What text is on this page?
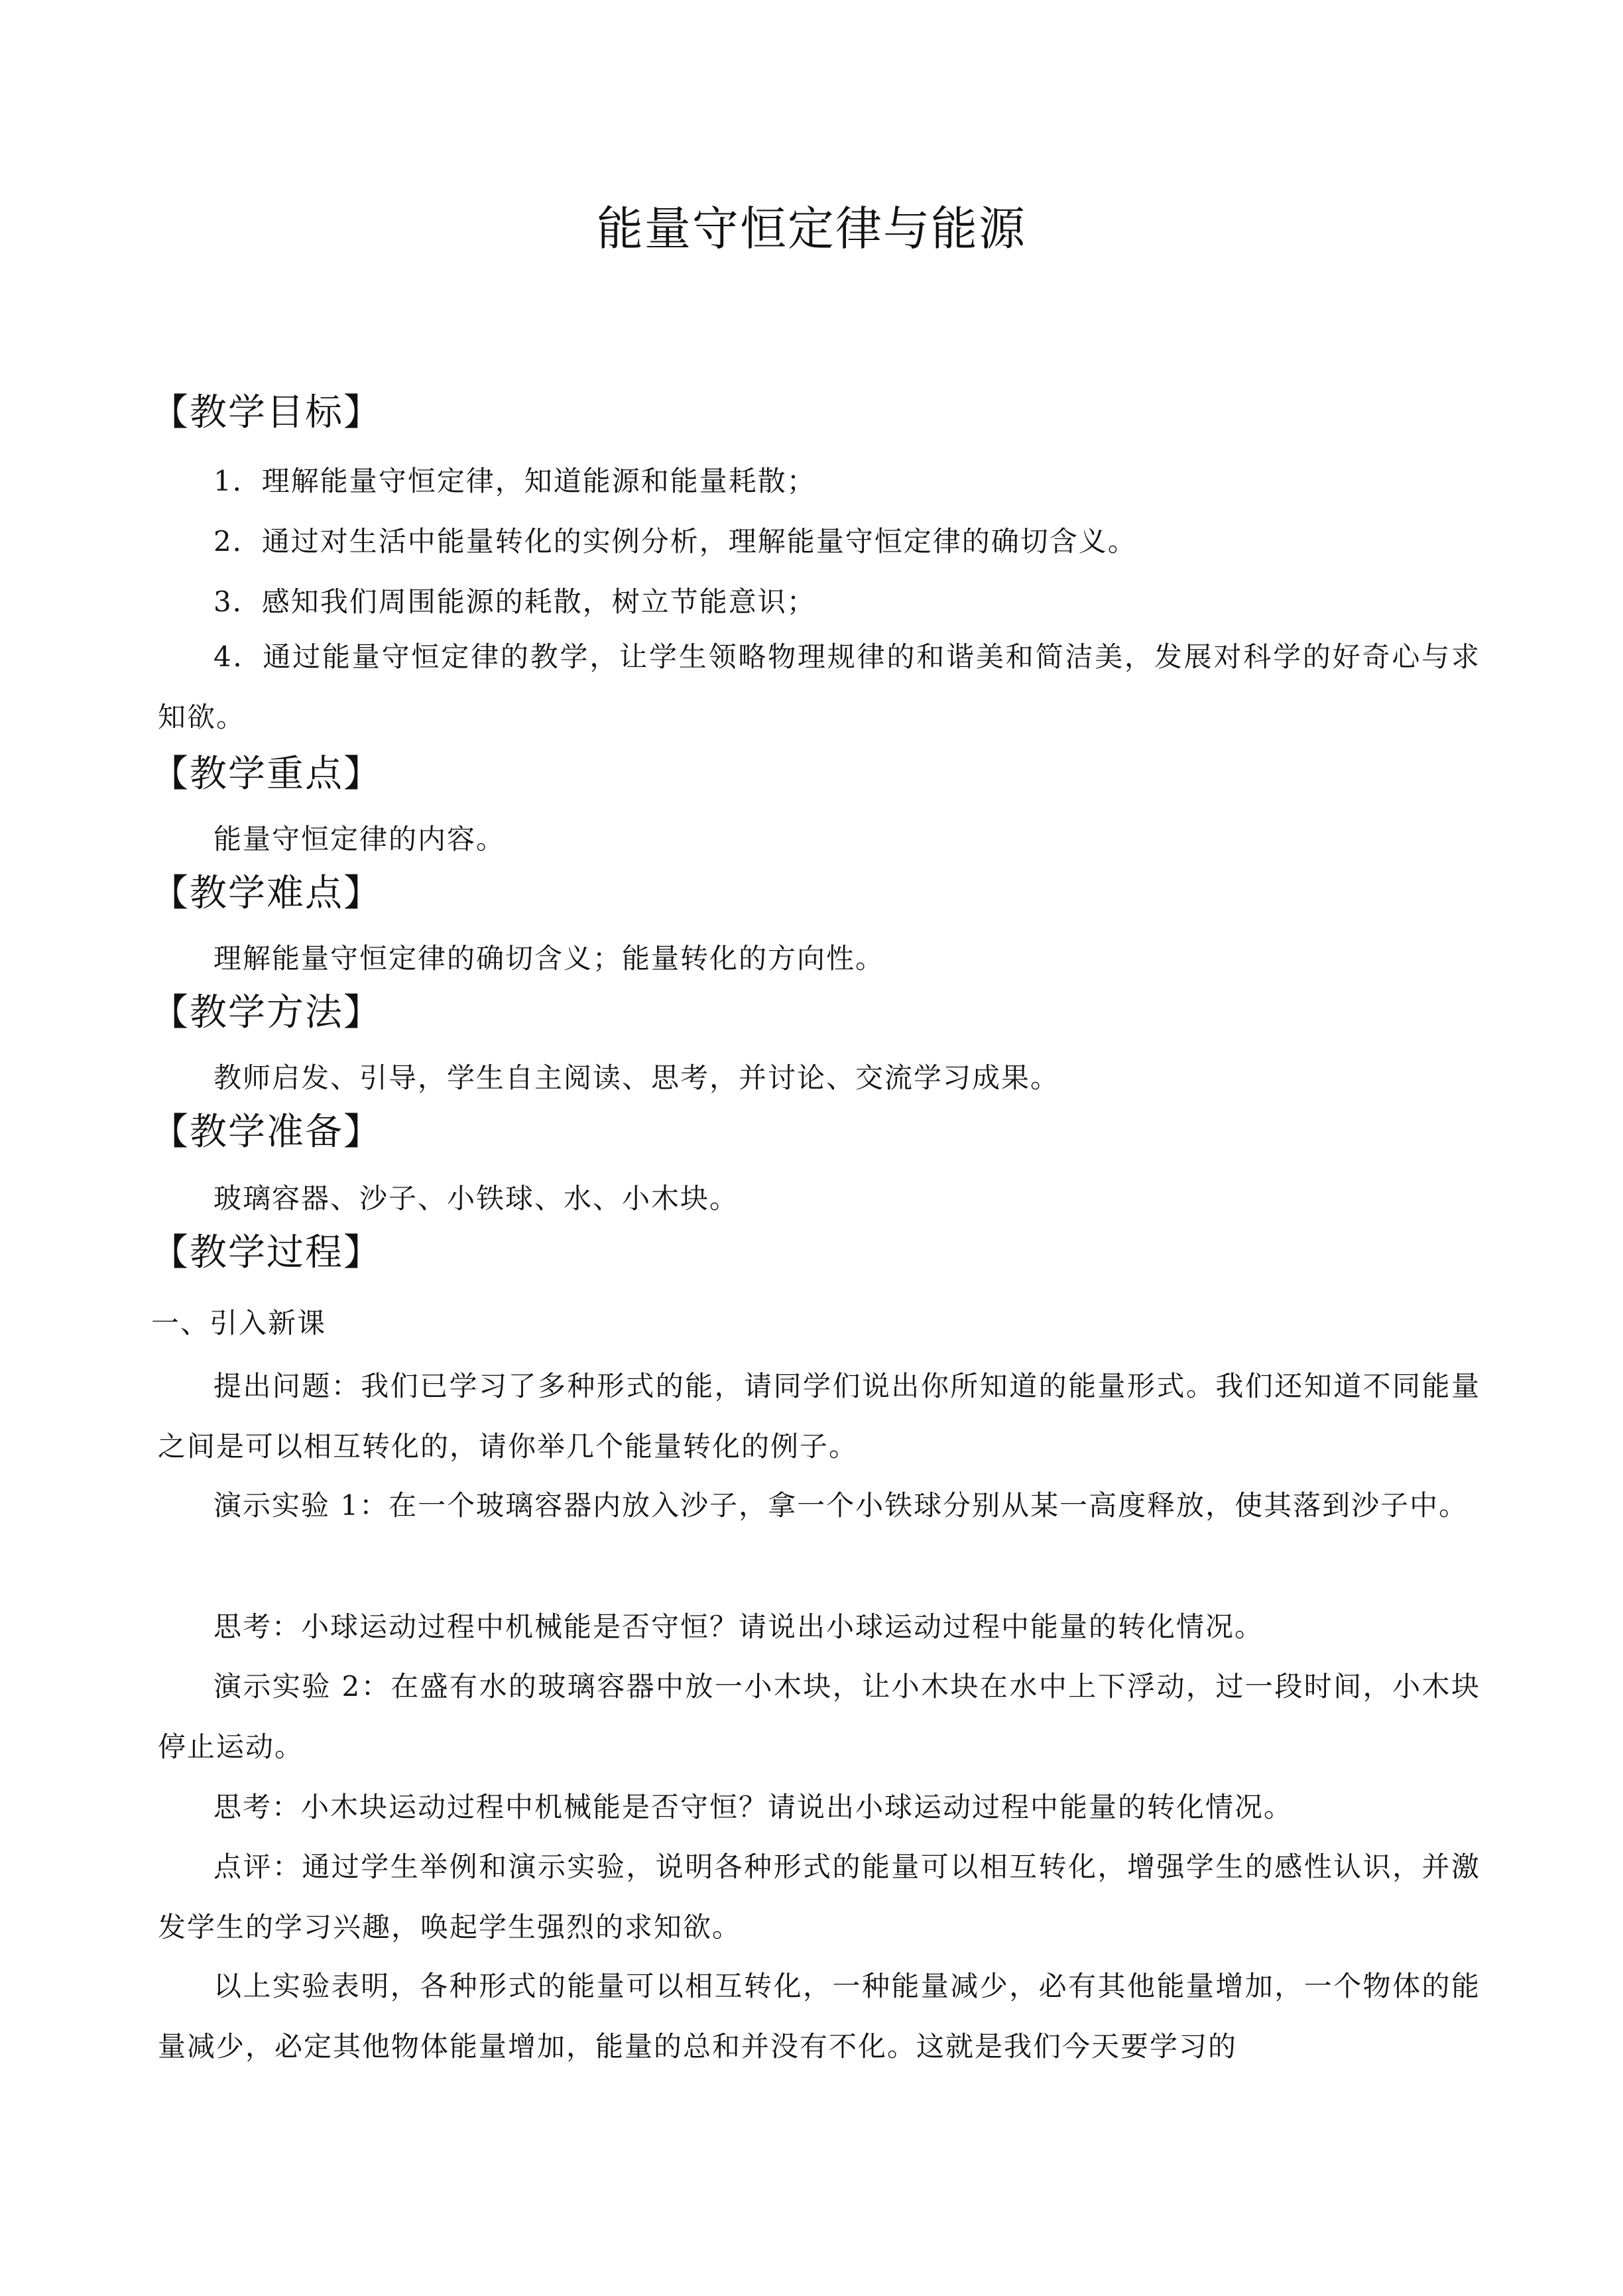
能量守恒定律与能源
【教学目标】
1．理解能量守恒定律，知道能源和能量耗散；
2．通过对生活中能量转化的实例分析，理解能量守恒定律的确切含义。
3．感知我们周围能源的耗散，树立节能意识；
4．通过能量守恒定律的教学，让学生领略物理规律的和谐美和简洁美，发展对科学的好奇心与求知欲。
【教学重点】
能量守恒定律的内容。
【教学难点】
理解能量守恒定律的确切含义；能量转化的方向性。
【教学方法】
教师启发、引导，学生自主阅读、思考，并讨论、交流学习成果。
【教学准备】
玻璃容器、沙子、小铁球、水、小木块。
【教学过程】
一、引入新课
提出问题：我们已学习了多种形式的能，请同学们说出你所知道的能量形式。我们还知道不同能量之间是可以相互转化的，请你举几个能量转化的例子。
演示实验 1：在一个玻璃容器内放入沙子，拿一个小铁球分别从某一高度释放，使其落到沙子中。
思考：小球运动过程中机械能是否守恒？请说出小球运动过程中能量的转化情况。
演示实验 2：在盛有水的玻璃容器中放一小木块，让小木块在水中上下浮动，过一段时间，小木块停止运动。
思考：小木块运动过程中机械能是否守恒？请说出小球运动过程中能量的转化情况。
点评：通过学生举例和演示实验，说明各种形式的能量可以相互转化，增强学生的感性认识，并激发学生的学习兴趣，唤起学生强烈的求知欲。
以上实验表明，各种形式的能量可以相互转化，一种能量减少，必有其他能量增加，一个物体的能量减少，必定其他物体能量增加，能量的总和并没有不化。这就是我们今天要学习的
